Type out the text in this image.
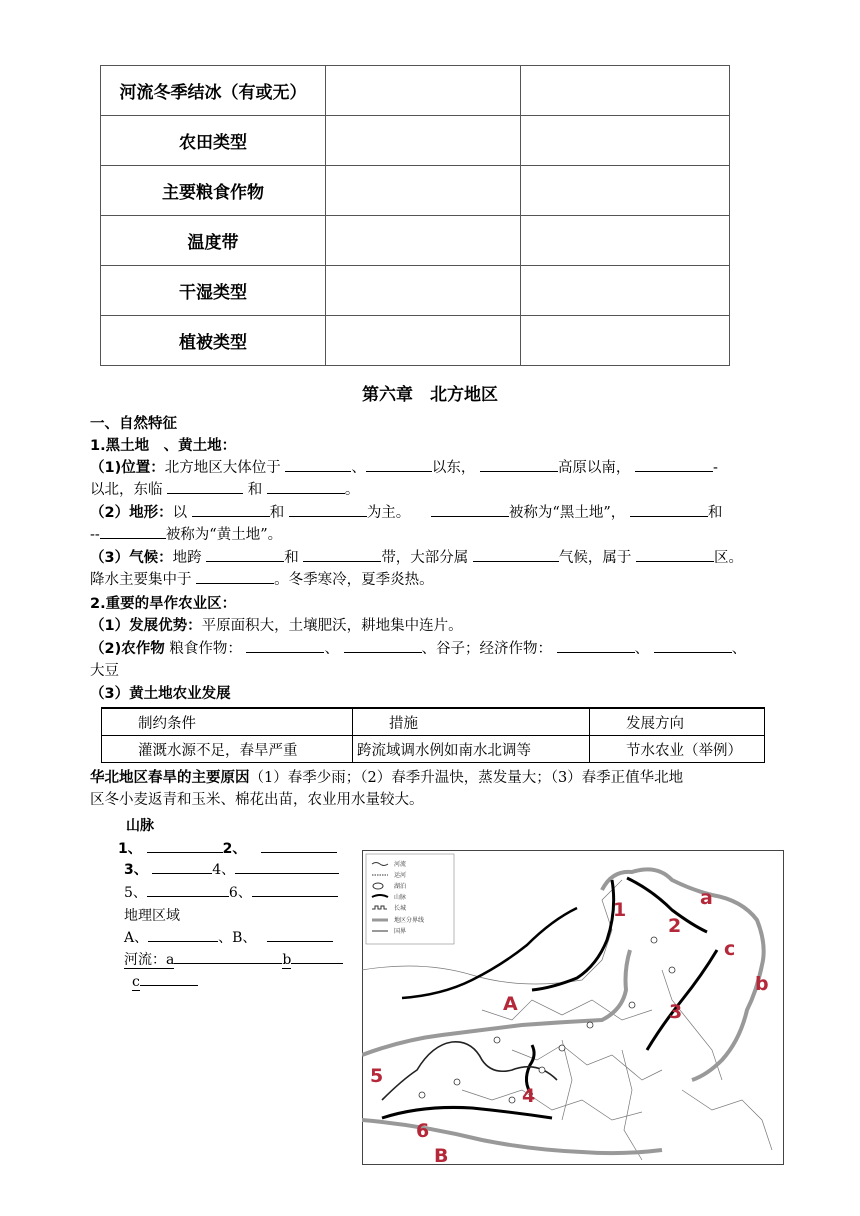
河流冬季结冰（有或无）		
农田类型		
主要粮食作物		
温度带		
干湿类型		
植被类型		
第六章　北方地区
一、自然特征
1.黑土地　、黄土地：
（1)位置：北方地区大体位于	、	以东，	高原以南，	-
以北，东临	和	。
（2）地形：以	和	为主。	被称为“黑土地”，	和
--	被称为“黄土地”。
（3）气候：地跨	和	带，大部分属	气候，属于	区。
降水主要集中于	。冬季寒冷，夏季炎热。
2.重要的旱作农业区：
（1）发展优势：平原面积大，土壤肥沃，耕地集中连片。
（2)农作物 粮食作物：	、	、谷子；经济作物：	、	、
大豆
（3）黄土地农业发展
制约条件	措施	发展方向
灌溉水源不足，春旱严重	跨流域调水例如南水北调等	节水农业（举例）
华北地区春旱的主要原因（1）春季少雨；（2）春季升温快，蒸发量大；（3）春季正值华北地
区冬小麦返青和玉米、棉花出苗，农业用水量较大。
山脉
1、	2、
3、	4、
5、	6、
地理区域
A、	、B、
河流：a	b
c
河流
运河
湖泊
山脉
长城
地区分界线
国界
1
2
3
4
5
6
A
B
a
b
c
